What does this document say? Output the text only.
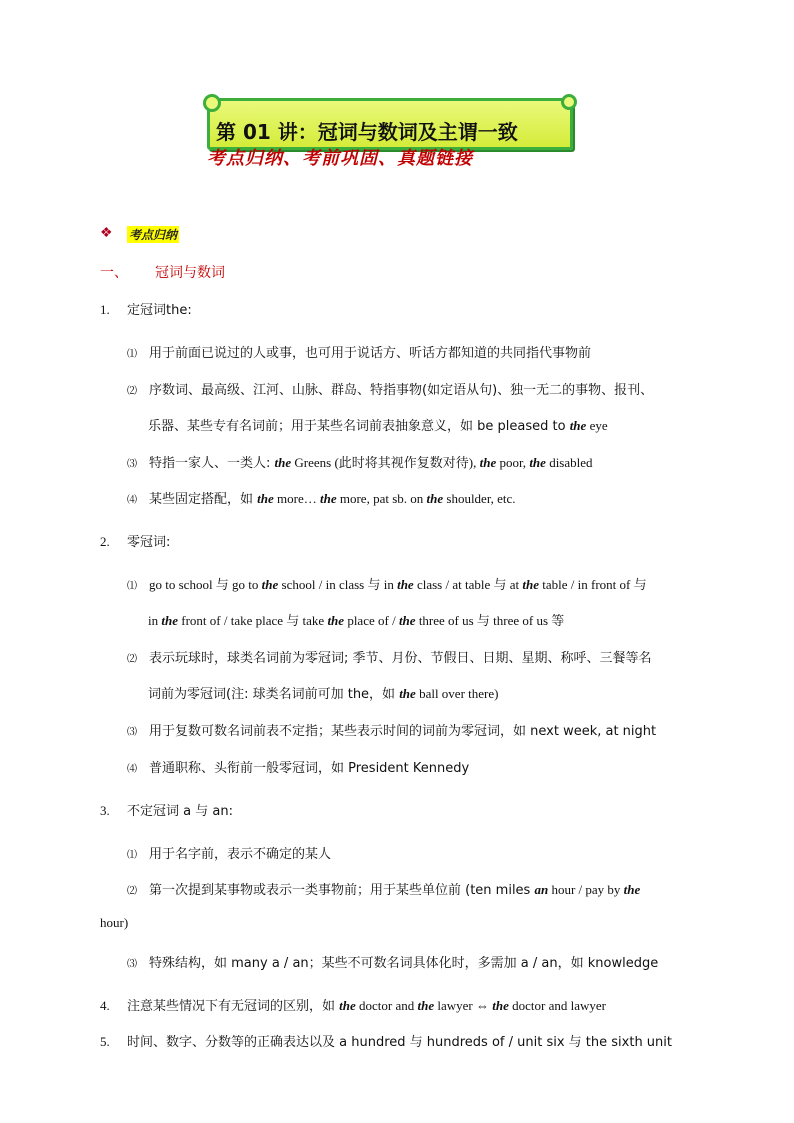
第 01 讲：冠词与数词及主谓一致
考点归纳、考前巩固、真题链接
❖ 考点归纳
一、 冠词与数词
1. 定冠词the:
⑴ 用于前面已说过的人或事，也可用于说话方、听话方都知道的共同指代事物前
⑵ 序数词、最高级、江河、山脉、群岛、特指事物(如定语从句)、独一无二的事物、报刊、
乐器、某些专有名词前；用于某些名词前表抽象意义，如 be pleased to the eye
⑶ 特指一家人、一类人: the Greens (此时将其视作复数对待), the poor, the disabled
⑷ 某些固定搭配，如 the more… the more, pat sb. on the shoulder, etc.
2. 零冠词:
⑴ go to school 与 go to the school / in class 与 in the class / at table 与 at the table / in front of 与
in the front of / take place 与 take the place of / the three of us 与 three of us 等
⑵ 表示玩球时，球类名词前为零冠词; 季节、月份、节假日、日期、星期、称呼、三餐等名
词前为零冠词(注: 球类名词前可加 the，如 the ball over there)
⑶ 用于复数可数名词前表不定指；某些表示时间的词前为零冠词，如 next week, at night
⑷ 普通职称、头衔前一般零冠词，如 President Kennedy
3. 不定冠词 a 与 an:
⑴ 用于名字前，表示不确定的某人
⑵ 第一次提到某事物或表示一类事物前；用于某些单位前 (ten miles an hour / pay by the
hour)
⑶ 特殊结构，如 many a / an；某些不可数名词具体化时，多需加 a / an，如 knowledge
4. 注意某些情况下有无冠词的区别，如 the doctor and the lawyer ⇔ the doctor and lawyer
5. 时间、数字、分数等的正确表达以及 a hundred 与 hundreds of / unit six 与 the sixth unit
